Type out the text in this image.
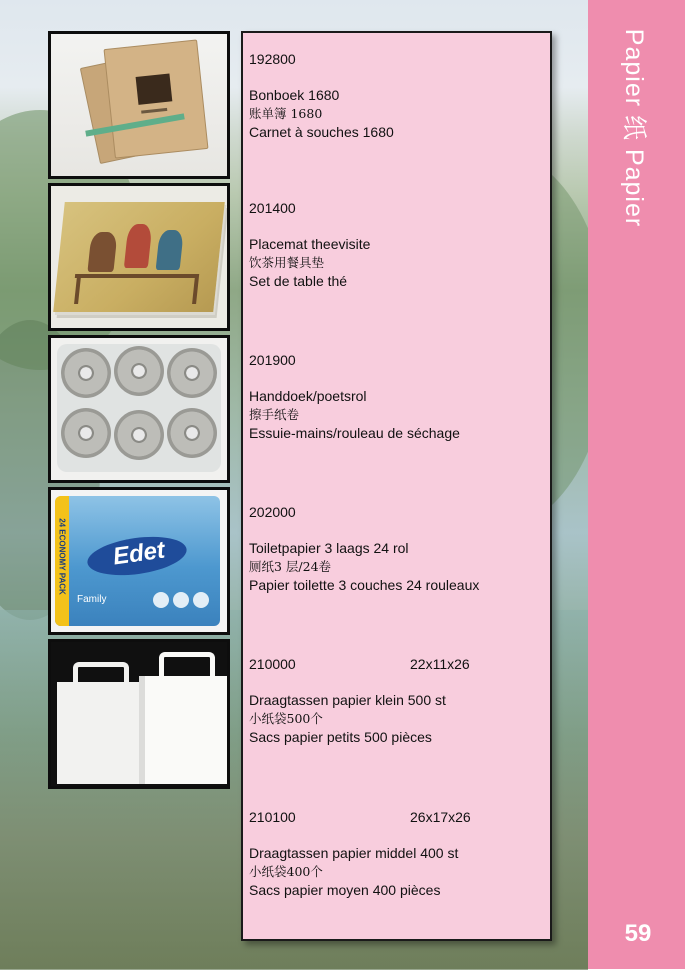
Papier 纸 Papier
59
24 ECONOMY PACK	Edet
Family
192800
Bonboek 1680
账单簿 1680
Carnet à souches 1680
201400
Placemat theevisite
饮茶用餐具垫
Set de table thé
201900
Handdoek/poetsrol
擦手纸卷
Essuie-mains/rouleau de séchage
202000
Toiletpapier 3 laags 24 rol
厕纸3 层/24卷
Papier toilette 3 couches 24 rouleaux
210000	22x11x26
Draagtassen papier klein 500 st
小纸袋500个
Sacs papier petits 500 pièces
210100	26x17x26
Draagtassen papier middel 400 st
小纸袋400个
Sacs papier moyen 400 pièces
